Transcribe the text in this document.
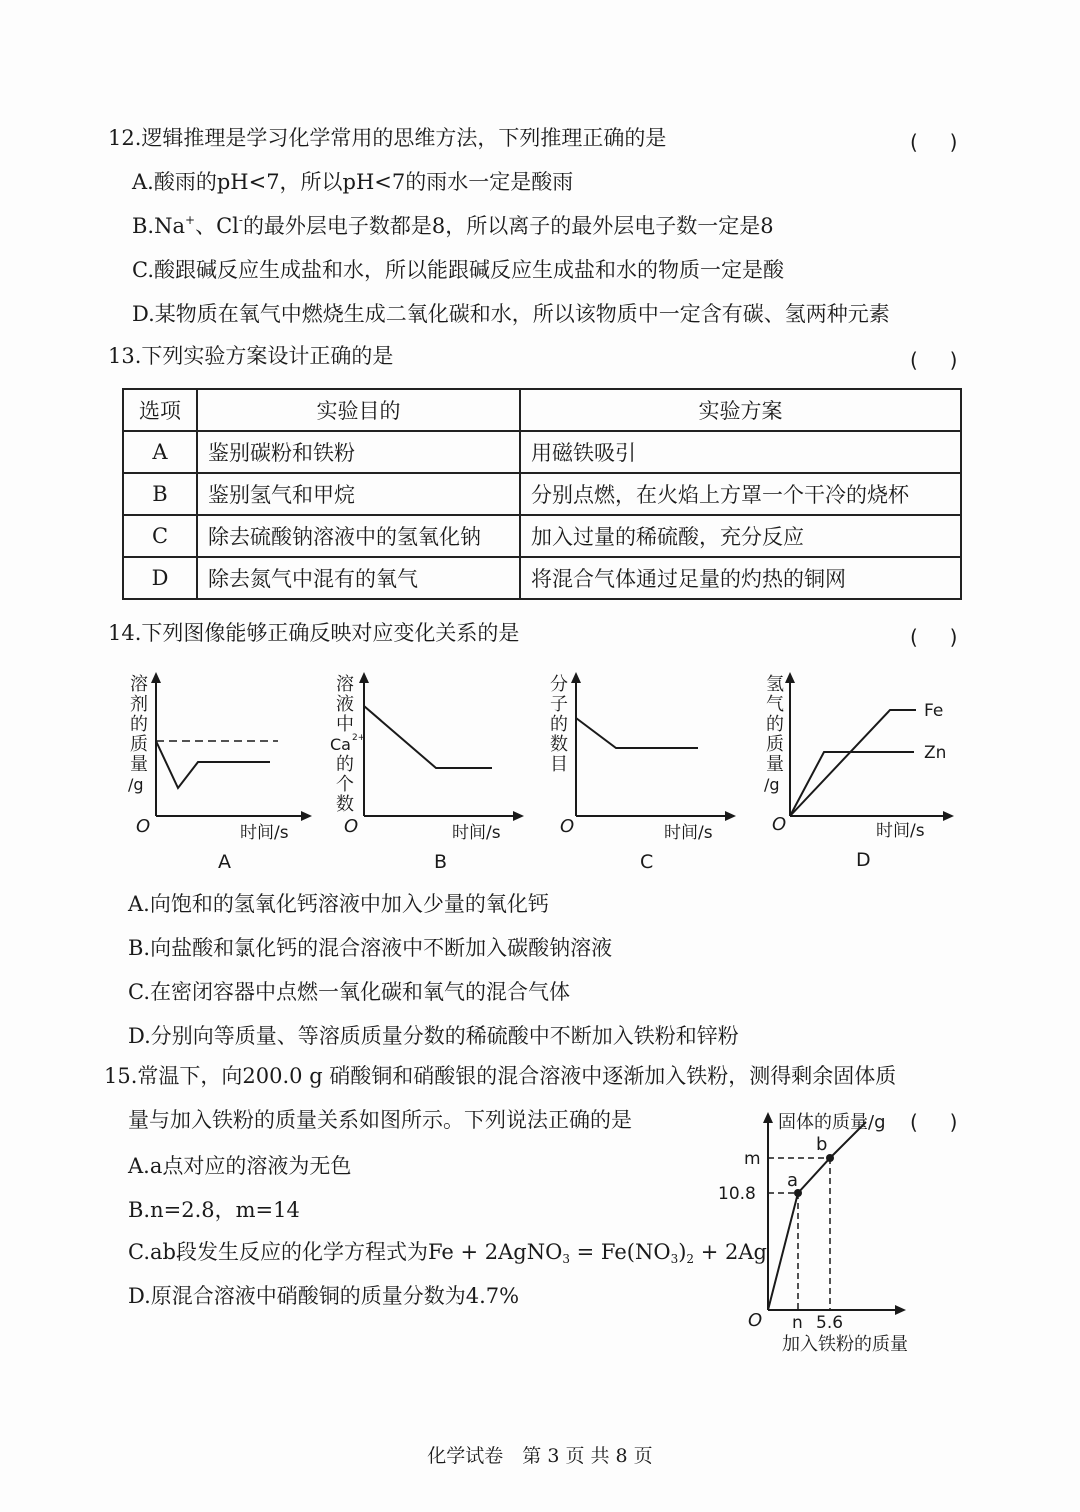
12.逻辑推理是学习化学常用的思维方法，下列推理正确的是	(     )
A.酸雨的pH<7，所以pH<7的雨水一定是酸雨
B.Na+、Cl-的最外层电子数都是8，所以离子的最外层电子数一定是8
C.酸跟碱反应生成盐和水，所以能跟碱反应生成盐和水的物质一定是酸
D.某物质在氧气中燃烧生成二氧化碳和水，所以该物质中一定含有碳、氢两种元素
13.下列实验方案设计正确的是	(     )
选项	实验目的	实验方案
A	鉴别碳粉和铁粉	用磁铁吸引
B	鉴别氢气和甲烷	分别点燃，在火焰上方罩一个干冷的烧杯
C	除去硫酸钠溶液中的氢氧化钠	加入过量的稀硫酸，充分反应
D	除去氮气中混有的氧气	将混合气体通过足量的灼热的铜网
14.下列图像能够正确反映对应变化关系的是	(     )
溶
剂
的
质
量
/g
O	时间/s
A
溶
液
中
Ca 2+
的
个
数
O	时间/s
B
分
子
的
数
目
O	时间/s
C
氢
气
的
质
量
/g
Fe
Zn
O	时间/s
D
A.向饱和的氢氧化钙溶液中加入少量的氧化钙
B.向盐酸和氯化钙的混合溶液中不断加入碳酸钠溶液
C.在密闭容器中点燃一氧化碳和氧气的混合气体
D.分别向等质量、等溶质质量分数的稀硫酸中不断加入铁粉和锌粉
15.常温下，向200.0 g 硝酸铜和硝酸银的混合溶液中逐渐加入铁粉，测得剩余固体质
量与加入铁粉的质量关系如图所示。下列说法正确的是	(     )
A.a点对应的溶液为无色
B.n=2.8，m=14
C.ab段发生反应的化学方程式为Fe + 2AgNO$_3$ = $Fe(NO_3)_2 + 2Ag$
D.原混合溶液中硝酸铜的质量分数为4.7%
固体的质量/g
a
b
m
10.8
n 5.6
O
加入铁粉的质量
化学试卷　第 3 页 共 8 页
